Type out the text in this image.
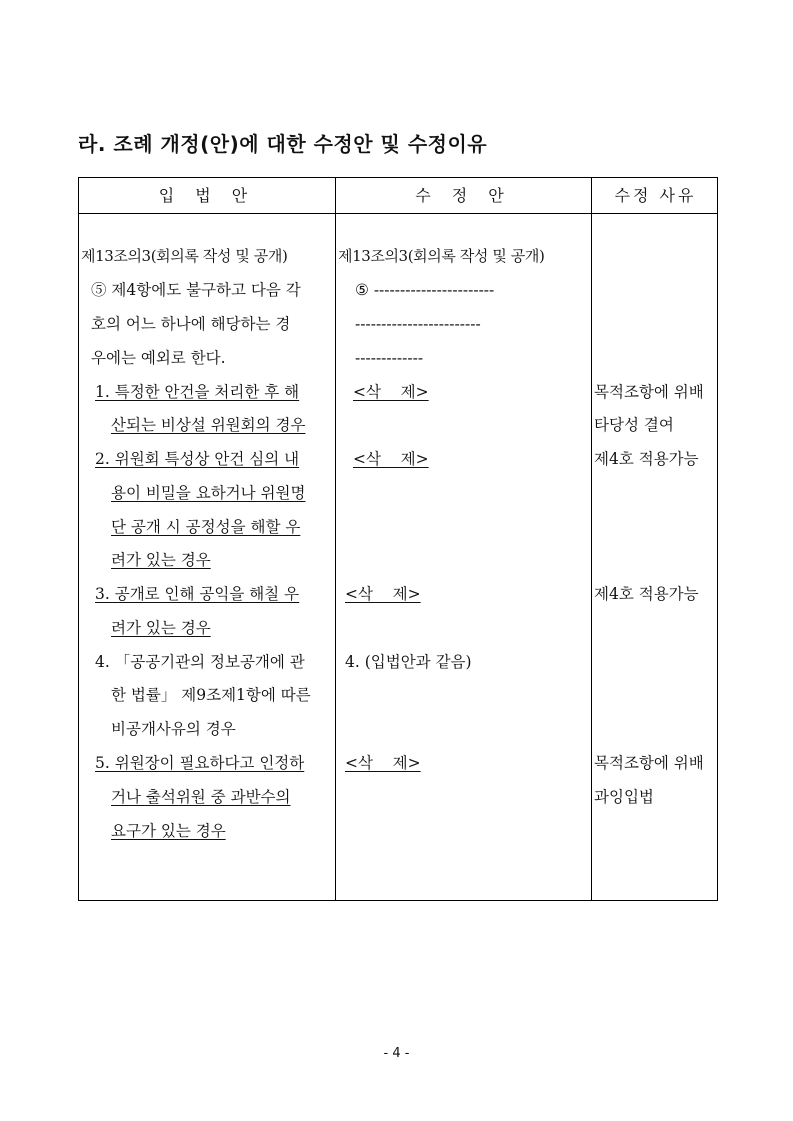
라. 조례 개정(안)에 대한 수정안 및 수정이유
입 법 안	수 정 안	수정 사유
제13조의3(회의록 작성 및 공개)
⑤ 제4항에도 불구하고 다음 각
호의 어느 하나에 해당하는 경
우에는 예외로 한다.
1. 특정한 안건을 처리한 후 해
산되는 비상설 위원회의 경우
2. 위원회 특성상 안건 심의 내
용이 비밀을 요하거나 위원명
단 공개 시 공정성을 해할 우
려가 있는 경우
3. 공개로 인해 공익을 해칠 우
려가 있는 경우
4. 「공공기관의 정보공개에 관
한 법률」 제9조제1항에 따른
비공개사유의 경우
5. 위원장이 필요하다고 인정하
거나 출석위원 중 과반수의
요구가 있는 경우
제13조의3(회의록 작성 및 공개)
⑤ -----------------------
------------------------
-------------
<삭    제>
<삭    제>
<삭    제>
4. (입법안과 같음)
<삭    제>
목적조항에 위배
타당성 결여
제4호 적용가능
제4호 적용가능
목적조항에 위배
과잉입법
- 4 -
